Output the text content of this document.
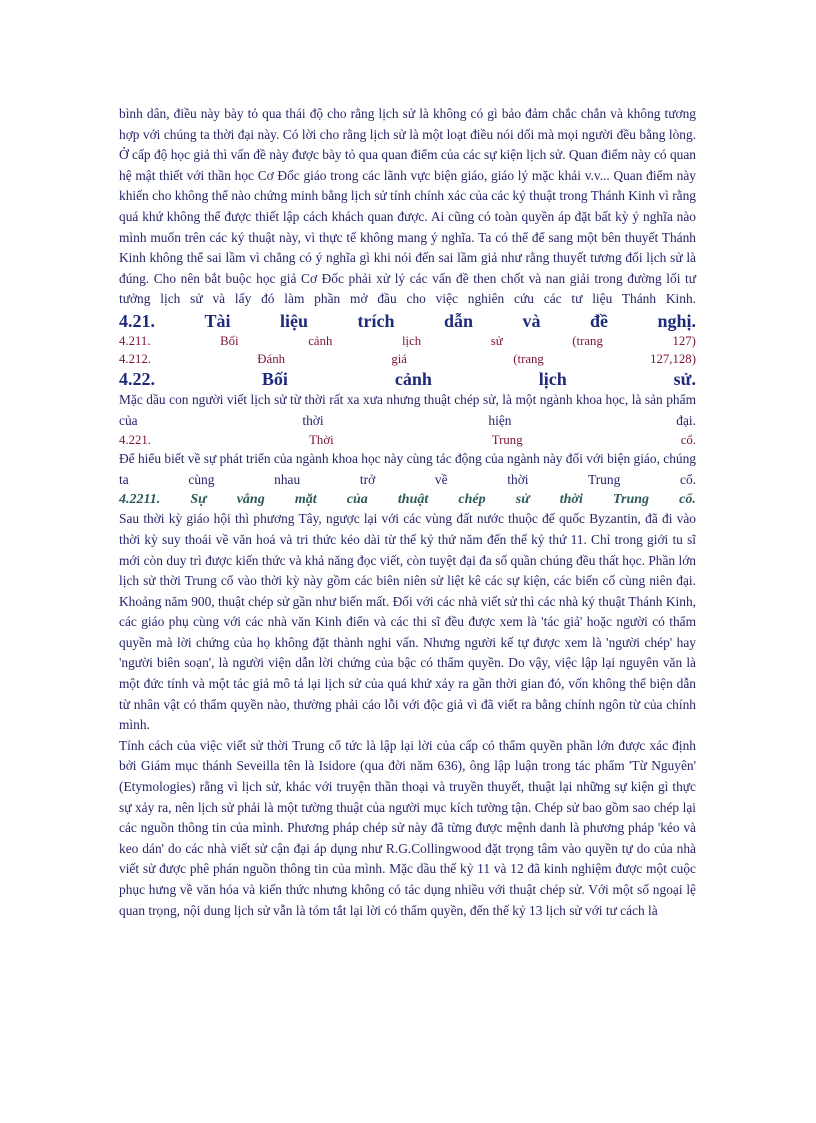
bình dân, điều này bày tỏ qua thái độ cho rằng lịch sử là không có gì bảo đảm chắc chắn và không tương hợp với chúng ta thời đại này. Có lời cho rằng lịch sử là một loạt điều nói dối mà mọi người đều bằng lòng. Ở cấp độ học giả thì vấn đề này được bày tỏ qua quan điểm của các sự kiện lịch sử. Quan điểm này có quan hệ mật thiết với thần học Cơ Đốc giáo trong các lãnh vực biện giáo, giáo lý mặc khải v.v... Quan điểm này khiến cho không thể nào chứng minh bằng lịch sử tính chính xác của các ký thuật trong Thánh Kinh vì rằng quá khứ không thể được thiết lập cách khách quan được. Ai cũng có toàn quyền áp đặt bất kỳ ý nghĩa nào mình muốn trên các ký thuật này, vì thực tế không mang ý nghĩa. Ta có thể để sang một bên thuyết Thánh Kinh không thể sai lầm vì chẳng có ý nghĩa gì khi nói đến sai lầm giả như rằng thuyết tương đối lịch sử là đúng. Cho nên bắt buộc học giả Cơ Đốc phải xử lý các vấn đề then chốt và nan giải trong đường lối tư tưởng lịch sử và lấy đó làm phần mở đầu cho việc nghiên cứu các tư liệu Thánh Kinh.

4.21.	Tài	liệu	trích	dẫn	và	đề	nghị.
4.211.	Bối	cảnh	lịch	sử	(trang	127)
4.212.	Đánh	giá	(trang	127,128)
4.22.	Bối	cảnh	lịch	sử.

Mặc dầu con người viết lịch sử từ thời rất xa xưa nhưng thuật chép sử, là một ngành khoa học, là sản phẩm của thời hiện đại.

4.221.	Thời	Trung	cổ.

Để hiểu biết về sự phát triển của ngành khoa học này cùng tác động của ngành này đối với biện giáo, chúng ta cùng nhau trở về thời Trung cổ.

4.2211. Sự vắng mặt của thuật chép sử thời Trung cổ.

Sau thời kỳ giáo hội thì phương Tây, ngược lại với các vùng đất nước thuộc đế quốc Byzantin, đã đi vào thời kỳ suy thoái về văn hoá và tri thức kéo dài từ thế kỷ thứ năm đến thế kỷ thứ 11. Chỉ trong giới tu sĩ mới còn duy trì được kiến thức và khả năng đọc viết, còn tuyệt đại đa số quần chúng đều thất học. Phần lớn lịch sử thời Trung cổ vào thời kỳ này gồm các biên niên sử liệt kê các sự kiện, các biến cố cùng niên đại. Khoảng năm 900, thuật chép sử gần như biến mất. Đối với các nhà viết sử thì các nhà ký thuật Thánh Kinh, các giáo phụ cùng với các nhà văn Kinh điển và các thi sĩ đều được xem là 'tác giả' hoặc người có thẩm quyền mà lời chứng của họ không đặt thành nghi vấn. Nhưng người kế tự được xem là 'người chép' hay 'người biên soạn', là người viện dẫn lời chứng của bậc có thẩm quyền. Do vậy, việc lập lại nguyên văn là một đức tính và một tác giả mô tả lại lịch sử của quá khứ xảy ra gần thời gian đó, vốn không thể biện dẫn từ nhân vật có thẩm quyền nào, thường phải cáo lỗi với độc giả vì đã viết ra bằng chính ngôn từ của chính mình.

Tính cách của việc viết sử thời Trung cổ tức là lập lại lời của cấp có thẩm quyền phần lớn được xác định bởi Giám mục thánh Seveilla tên là Isidore (qua đời năm 636), ông lập luận trong tác phẩm 'Từ Nguyên' (Etymologies) rằng vì lịch sử, khác với truyện thần thoại và truyền thuyết, thuật lại những sự kiện gì thực sự xảy ra, nên lịch sử phải là một tường thuật của người mục kích tường tận. Chép sử bao gồm sao chép lại các nguồn thông tin của mình. Phương pháp chép sử này đã từng được mệnh danh là phương pháp 'kéo và keo dán' do các nhà viết sử cận đại áp dụng như R.G.Collingwood đặt trọng tâm vào quyền tự do của nhà viết sử được phê phán nguồn thông tin của mình. Mặc dầu thế kỷ 11 và 12 đã kinh nghiệm được một cuộc phục hưng về văn hóa và kiến thức nhưng không có tác dụng nhiều với thuật chép sử. Với một số ngoại lệ quan trọng, nội dung lịch sử vẫn là tóm tắt lại lời có thẩm quyền, đến thế kỷ 13 lịch sử với tư cách là
